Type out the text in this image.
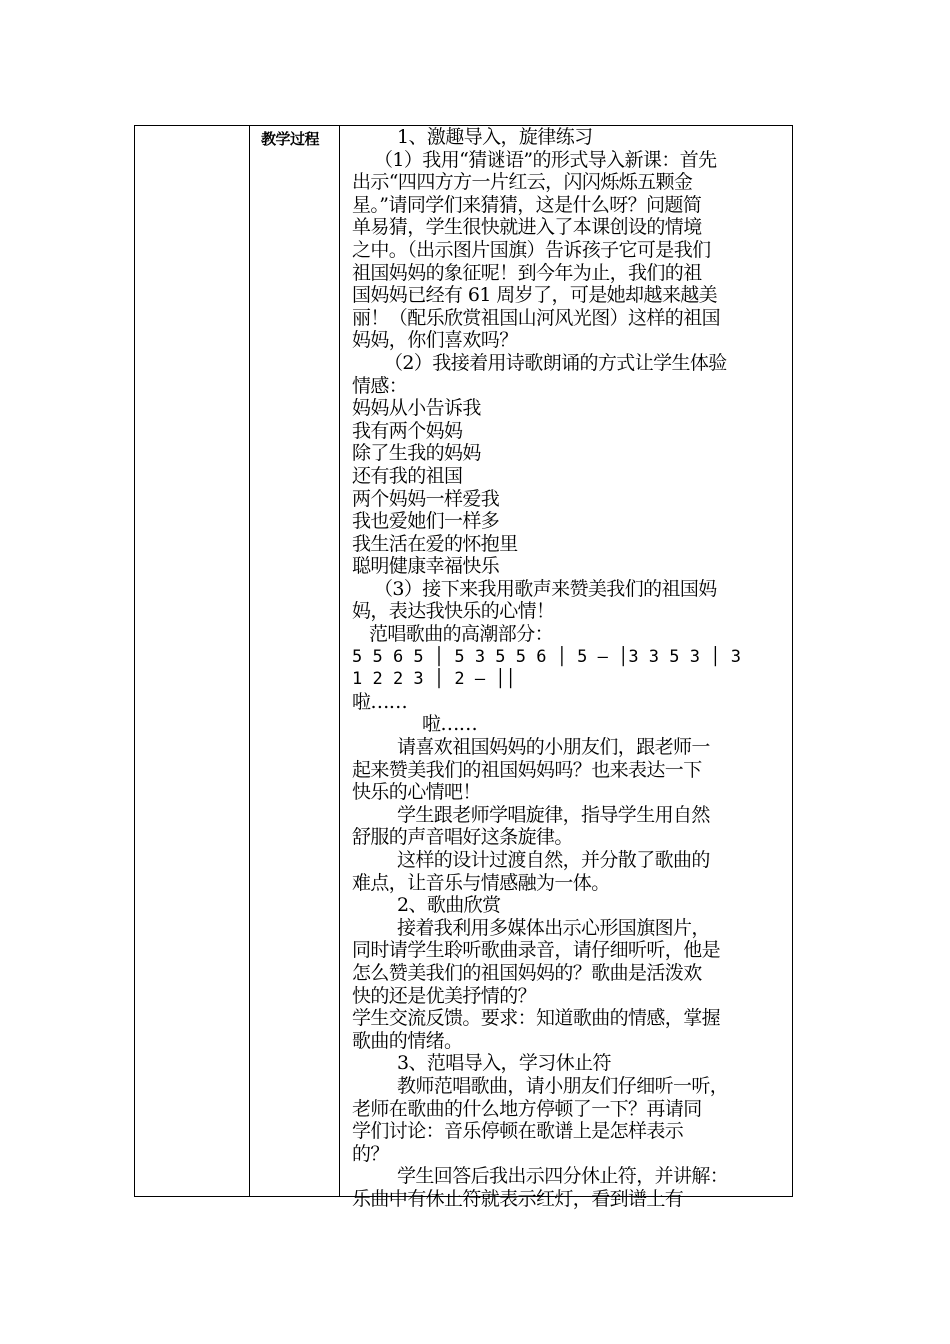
教学过程	1、激趣导入，旋律练习
（1）我用“猜谜语”的形式导入新课：首先
出示“四四方方一片红云，闪闪烁烁五颗金
星。”请同学们来猜猜，这是什么呀？问题简
单易猜，学生很快就进入了本课创设的情境
之中。（出示图片国旗）告诉孩子它可是我们
祖国妈妈的象征呢！到今年为止，我们的祖
国妈妈已经有 61 周岁了，可是她却越来越美
丽！（配乐欣赏祖国山河风光图）这样的祖国
妈妈，你们喜欢吗？
（2）我接着用诗歌朗诵的方式让学生体验
情感：
妈妈从小告诉我
我有两个妈妈
除了生我的妈妈
还有我的祖国
两个妈妈一样爱我
我也爱她们一样多
我生活在爱的怀抱里
聪明健康幸福快乐
（3）接下来我用歌声来赞美我们的祖国妈
妈，表达我快乐的心情！
范唱歌曲的高潮部分：
5 5 6 5 │ 5 3 5 5 6 │ 5 — │3 3 5 3 │ 3
1 2 2 3 │ 2 — ││
啦……
啦……
请喜欢祖国妈妈的小朋友们，跟老师一
起来赞美我们的祖国妈妈吗？也来表达一下
快乐的心情吧！
学生跟老师学唱旋律，指导学生用自然
舒服的声音唱好这条旋律。
这样的设计过渡自然，并分散了歌曲的
难点，让音乐与情感融为一体。
2、歌曲欣赏
接着我利用多媒体出示心形国旗图片，
同时请学生聆听歌曲录音，请仔细听听，他是
怎么赞美我们的祖国妈妈的？歌曲是活泼欢
快的还是优美抒情的？
学生交流反馈。要求：知道歌曲的情感，掌握
歌曲的情绪。
3、范唱导入，学习休止符
教师范唱歌曲，请小朋友们仔细听一听，
老师在歌曲的什么地方停顿了一下？再请同
学们讨论：音乐停顿在歌谱上是怎样表示
的？
学生回答后我出示四分休止符，并讲解：
乐曲中有休止符就表示红灯，看到谱上有
